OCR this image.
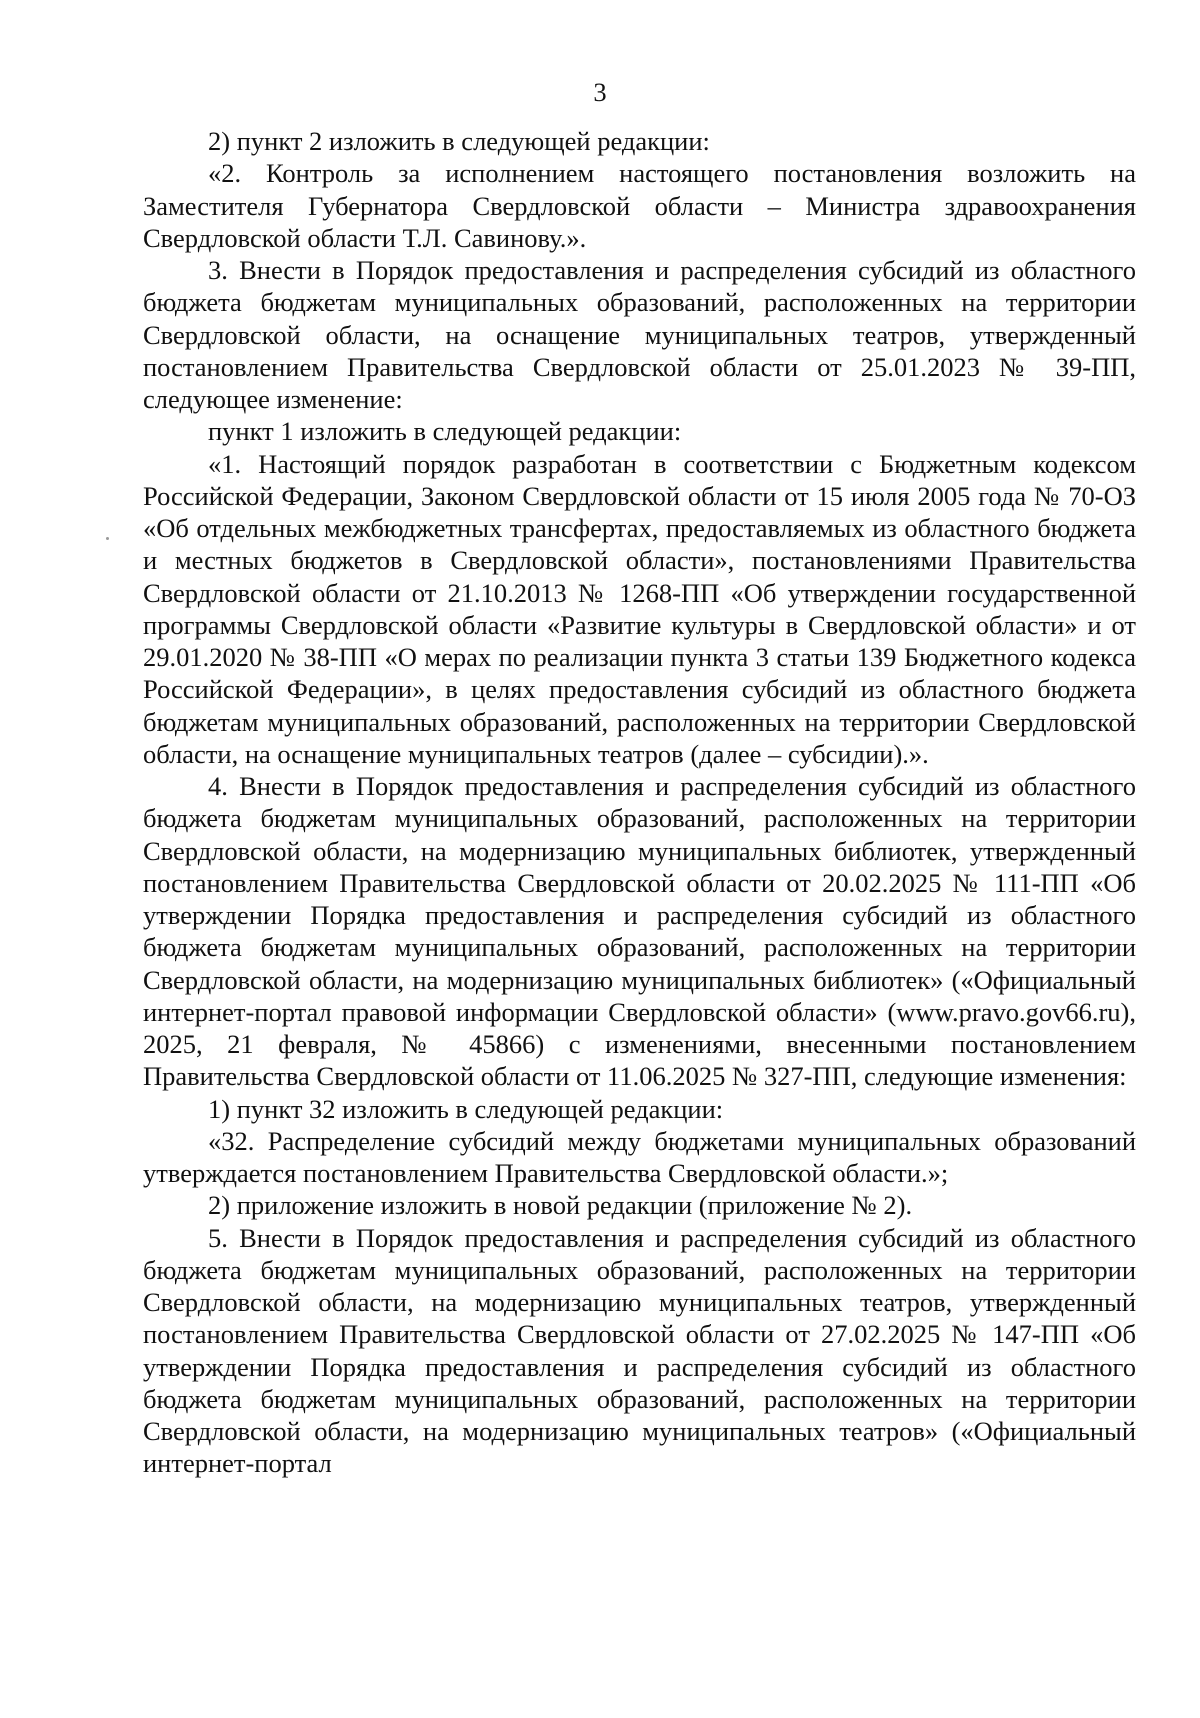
3

2) пункт 2 изложить в следующей редакции:

«2. Контроль за исполнением настоящего постановления возложить на Заместителя Губернатора Свердловской области – Министра здравоохранения Свердловской области Т.Л. Савинову.».

3. Внести в Порядок предоставления и распределения субсидий из областного бюджета бюджетам муниципальных образований, расположенных на территории Свердловской области, на оснащение муниципальных театров, утвержденный постановлением Правительства Свердловской области от 25.01.2023 № 39-ПП, следующее изменение:

пункт 1 изложить в следующей редакции:

«1. Настоящий порядок разработан в соответствии с Бюджетным кодексом Российской Федерации, Законом Свердловской области от 15 июля 2005 года № 70-ОЗ «Об отдельных межбюджетных трансфертах, предоставляемых из областного бюджета и местных бюджетов в Свердловской области», постановлениями Правительства Свердловской области от 21.10.2013 № 1268-ПП «Об утверждении государственной программы Свердловской области «Развитие культуры в Свердловской области» и от 29.01.2020 № 38-ПП «О мерах по реализации пункта 3 статьи 139 Бюджетного кодекса Российской Федерации», в целях предоставления субсидий из областного бюджета бюджетам муниципальных образований, расположенных на территории Свердловской области, на оснащение муниципальных театров (далее – субсидии).».

4. Внести в Порядок предоставления и распределения субсидий из областного бюджета бюджетам муниципальных образований, расположенных на территории Свердловской области, на модернизацию муниципальных библиотек, утвержденный постановлением Правительства Свердловской области от 20.02.2025 № 111-ПП «Об утверждении Порядка предоставления и распределения субсидий из областного бюджета бюджетам муниципальных образований, расположенных на территории Свердловской области, на модернизацию муниципальных библиотек» («Официальный интернет-портал правовой информации Свердловской области» (www.pravo.gov66.ru), 2025, 21 февраля, № 45866) с изменениями, внесенными постановлением Правительства Свердловской области от 11.06.2025 № 327-ПП, следующие изменения:

1) пункт 32 изложить в следующей редакции:

«32. Распределение субсидий между бюджетами муниципальных образований утверждается постановлением Правительства Свердловской области.»;

2) приложение изложить в новой редакции (приложение № 2).

5. Внести в Порядок предоставления и распределения субсидий из областного бюджета бюджетам муниципальных образований, расположенных на территории Свердловской области, на модернизацию муниципальных театров, утвержденный постановлением Правительства Свердловской области от 27.02.2025 № 147-ПП «Об утверждении Порядка предоставления и распределения субсидий из областного бюджета бюджетам муниципальных образований, расположенных на территории Свердловской области, на модернизацию муниципальных театров» («Официальный интернет-портал
